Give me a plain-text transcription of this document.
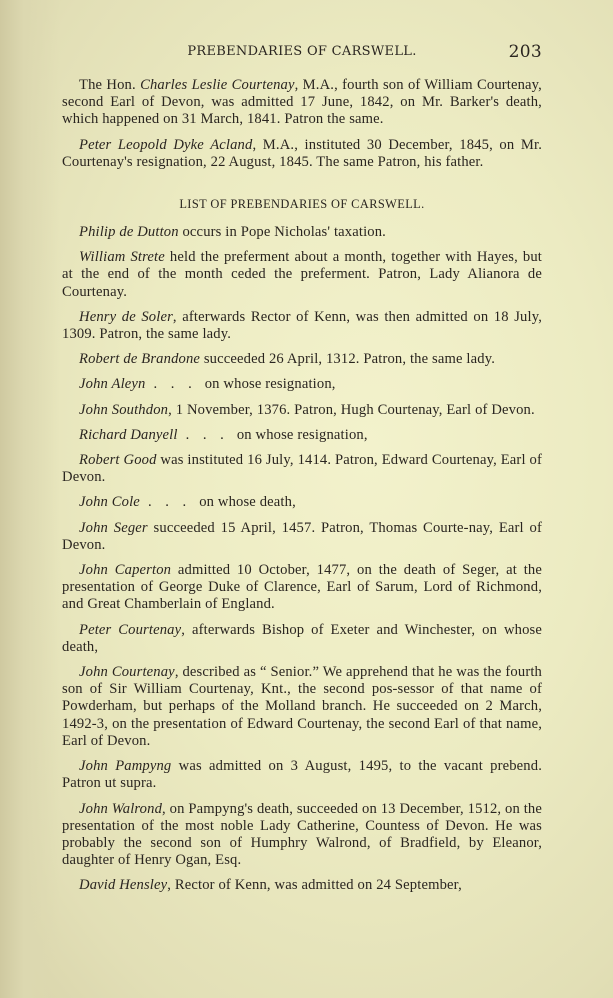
PREBENDARIES OF CARSWELL.	203

The Hon. Charles Leslie Courtenay, M.A., fourth son of William Courtenay, second Earl of Devon, was admitted 17 June, 1842, on Mr. Barker's death, which happened on 31 March, 1841. Patron the same.

Peter Leopold Dyke Acland, M.A., instituted 30 December, 1845, on Mr. Courtenay's resignation, 22 August, 1845. The same Patron, his father.

LIST OF PREBENDARIES OF CARSWELL.

Philip de Dutton occurs in Pope Nicholas' taxation.

William Strete held the preferment about a month, together with Hayes, but at the end of the month ceded the preferment. Patron, Lady Alianora de Courtenay.

Henry de Soler, afterwards Rector of Kenn, was then admitted on 18 July, 1309. Patron, the same lady.

Robert de Brandone succeeded 26 April, 1312. Patron, the same lady.

John Aleyn . . . on whose resignation,

John Southdon, 1 November, 1376. Patron, Hugh Courtenay, Earl of Devon.

Richard Danyell . . . on whose resignation,

Robert Good was instituted 16 July, 1414. Patron, Edward Courtenay, Earl of Devon.

John Cole . . . on whose death,

John Seger succeeded 15 April, 1457. Patron, Thomas Courte-nay, Earl of Devon.

John Caperton admitted 10 October, 1477, on the death of Seger, at the presentation of George Duke of Clarence, Earl of Sarum, Lord of Richmond, and Great Chamberlain of England.

Peter Courtenay, afterwards Bishop of Exeter and Winchester, on whose death,

John Courtenay, described as “ Senior.” We apprehend that he was the fourth son of Sir William Courtenay, Knt., the second pos-sessor of that name of Powderham, but perhaps of the Molland branch. He succeeded on 2 March, 1492-3, on the presentation of Edward Courtenay, the second Earl of that name, Earl of Devon.

John Pampyng was admitted on 3 August, 1495, to the vacant prebend. Patron ut supra.

John Walrond, on Pampyng's death, succeeded on 13 December, 1512, on the presentation of the most noble Lady Catherine, Countess of Devon. He was probably the second son of Humphry Walrond, of Bradfield, by Eleanor, daughter of Henry Ogan, Esq.

David Hensley, Rector of Kenn, was admitted on 24 September,
